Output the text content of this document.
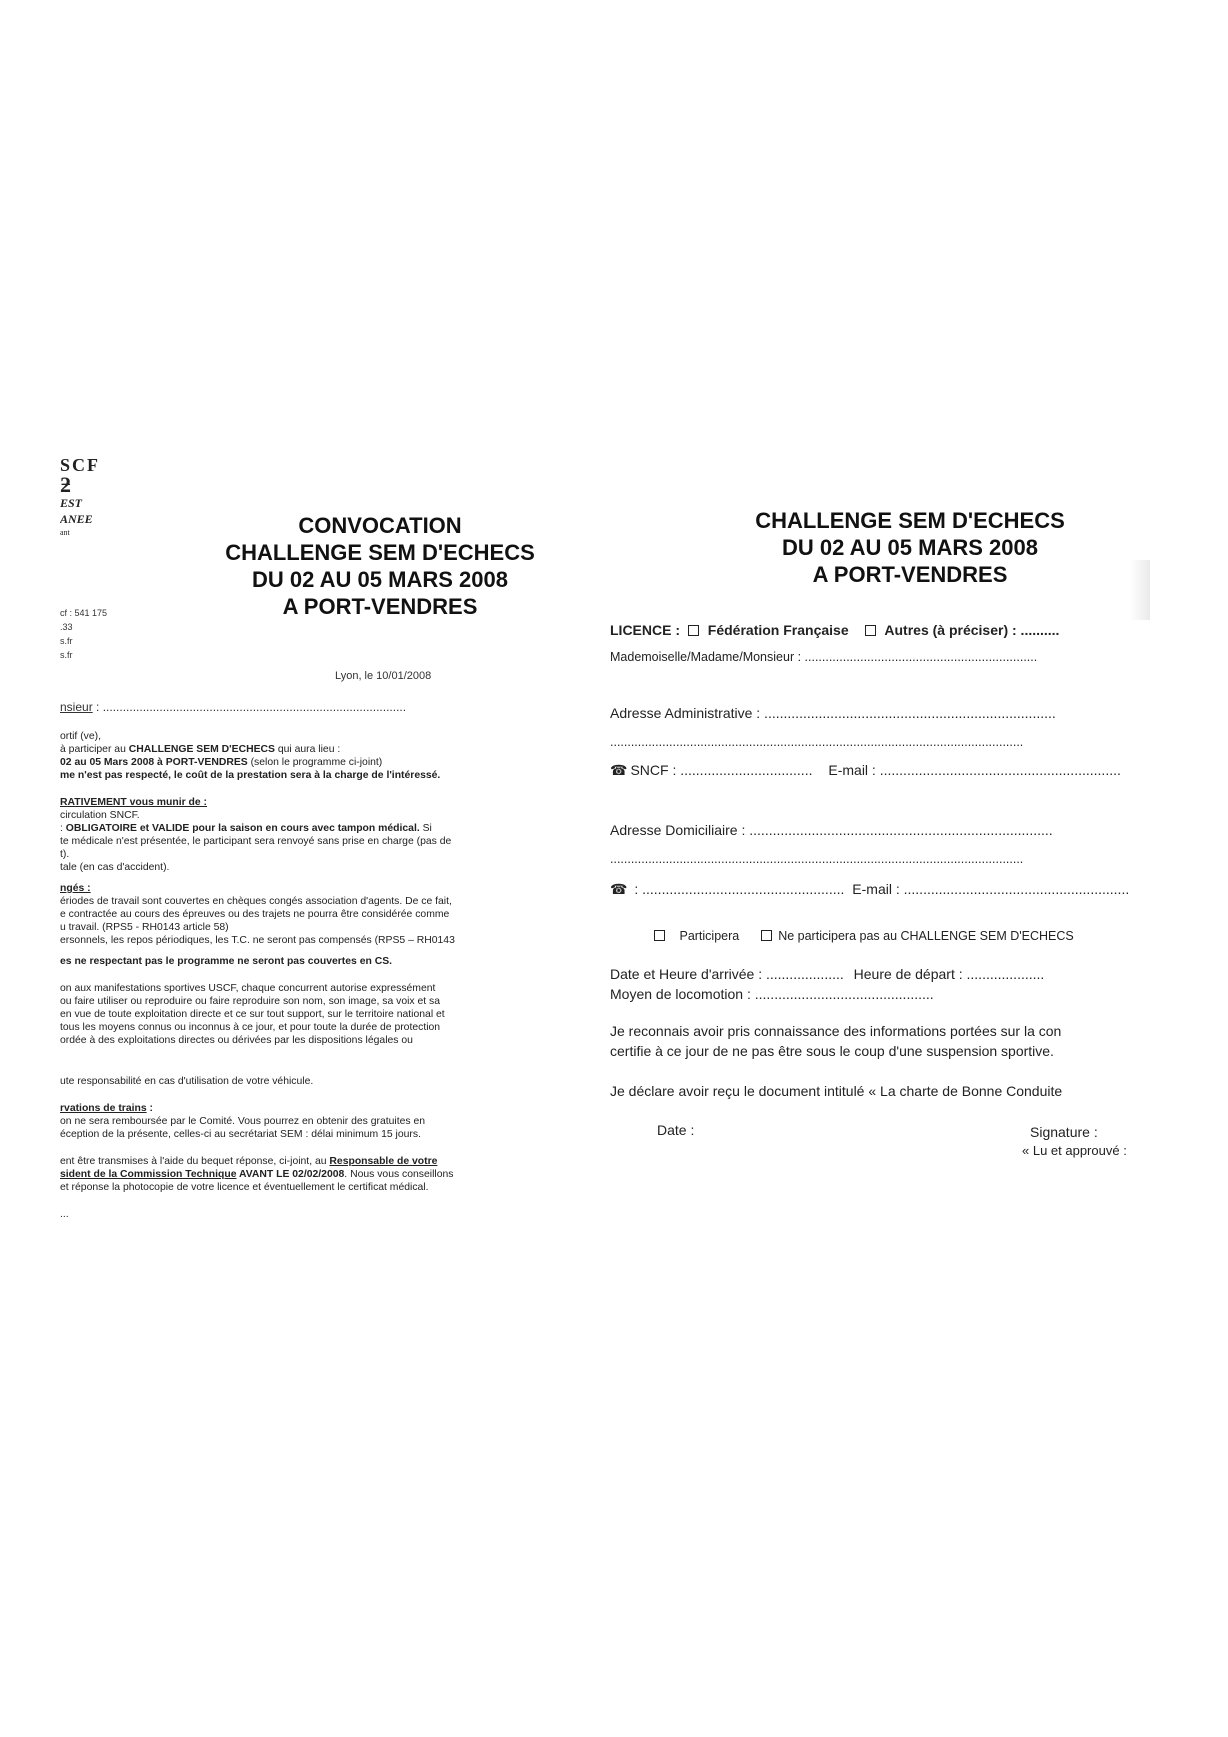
SCF
ƻ
EST
ANEE
ant
cf : 541 175
.33
s.fr
s.fr
CONVOCATION
CHALLENGE SEM D'ECHECS
DU 02 AU 05 MARS 2008
A PORT-VENDRES
Lyon, le 10/01/2008
nsieur : ...........................................................................................
ortif (ve),
à participer au CHALLENGE SEM D'ECHECS qui aura lieu :
02 au 05 Mars 2008 à PORT-VENDRES (selon le programme ci-joint)
me n'est pas respecté, le coût de la prestation sera à la charge de l'intéressé.
RATIVEMENT vous munir de :
circulation SNCF.
: OBLIGATOIRE et VALIDE pour la saison en cours avec tampon médical. Si
te médicale n'est présentée, le participant sera renvoyé sans prise en charge (pas de
t).
tale (en cas d'accident).
ngés :
ériodes de travail sont couvertes en chèques congés association d'agents. De ce fait,
e contractée au cours des épreuves ou des trajets ne pourra être considérée comme
u travail. (RPS5 - RH0143 article 58)
ersonnels, les repos périodiques, les T.C. ne seront pas compensés (RPS5 – RH0143
es ne respectant pas le programme ne seront pas couvertes en CS.
on aux manifestations sportives USCF, chaque concurrent autorise expressément
ou faire utiliser ou reproduire ou faire reproduire son nom, son image, sa voix et sa
en vue de toute exploitation directe et ce sur tout support, sur le territoire national et
tous les moyens connus ou inconnus à ce jour, et pour toute la durée de protection
ordée à des exploitations directes ou dérivées par les dispositions légales ou
ute responsabilité en cas d'utilisation de votre véhicule.
rvations de trains :
on ne sera remboursée par le Comité. Vous pourrez en obtenir des gratuites en
éception de la présente, celles-ci au secrétariat SEM : délai minimum 15 jours.
ent être transmises à l'aide du bequet réponse, ci-joint, au Responsable de votre
sident de la Commission Technique AVANT LE 02/02/2008. Nous vous conseillons
et réponse la photocopie de votre licence et éventuellement le certificat médical.
...
CHALLENGE SEM D'ECHECS
DU 02 AU 05 MARS 2008
A PORT-VENDRES
LICENCE : Fédération Française	Autres (à préciser) : ..........
Mademoiselle/Madame/Monsieur : ...................................................................
Adresse Administrative : ...........................................................................
.......................................................................................................................
☎ SNCF : .................................. E-mail : ..............................................................
Adresse Domiciliaire : ..............................................................................
.......................................................................................................................
☎ : .................................................... E-mail : ..........................................................
Participera	Ne participera pas au CHALLENGE SEM D'ECHECS
Date et Heure d'arrivée : .................... Heure de départ : ....................
Moyen de locomotion : ..............................................
Je reconnais avoir pris connaissance des informations portées sur la con
certifie à ce jour de ne pas être sous le coup d'une suspension sportive.
Je déclare avoir reçu le document intitulé « La charte de Bonne Conduite
Date :	Signature :
« Lu et approuvé :
